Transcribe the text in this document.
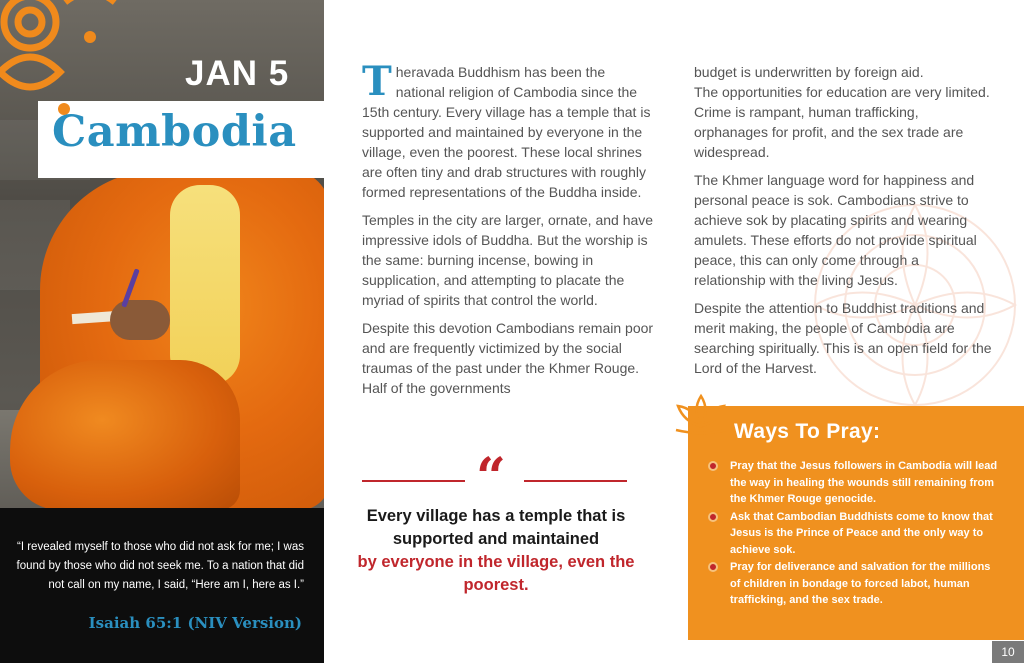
JAN 5
Cambodia
“I revealed myself to those who did not ask for me; I was found by those who did not seek me. To a nation that did not call on my name, I said, “Here am I, here as I.”
Isaiah 65:1 (NIV Version)

Theravada Buddhism has been the national religion of Cambodia since the 15th century. Every village has a temple that is supported and maintained by everyone in the village, even the poorest. These local shrines are often tiny and drab structures with roughly formed representations of the Buddha inside.

Temples in the city are larger, ornate, and have impressive idols of Buddha. But the worship is the same: burning incense, bowing in supplication, and attempting to placate the myriad of spirits that control the world.

Despite this devotion Cambodians remain poor and are frequently victimized by the social traumas of the past under the Khmer Rouge. Half of the governments

“
Every village has a temple that is supported and maintained
by everyone in the village, even the poorest.

budget is underwritten by foreign aid.

The opportunities for education are very limited. Crime is rampant, human trafficking, orphanages for profit, and the sex trade are widespread.

The Khmer language word for happiness and personal peace is sok. Cambodians strive to achieve sok by placating spirits and wearing amulets. These efforts do not provide spiritual peace, this can only come through a relationship with the living Jesus.

Despite the attention to Buddhist traditions and merit making, the people of Cambodia are searching spiritually. This is an open field for the Lord of the Harvest.

Ways To Pray:
Pray that the Jesus followers in Cambodia will lead the way in healing the wounds still remaining from the Khmer Rouge genocide.
Ask that Cambodian Buddhists come to know that Jesus is the Prince of Peace and the only way to achieve sok.
Pray for deliverance and salvation for the millions of children in bondage to forced labot, human trafficking, and the sex trade.
10
